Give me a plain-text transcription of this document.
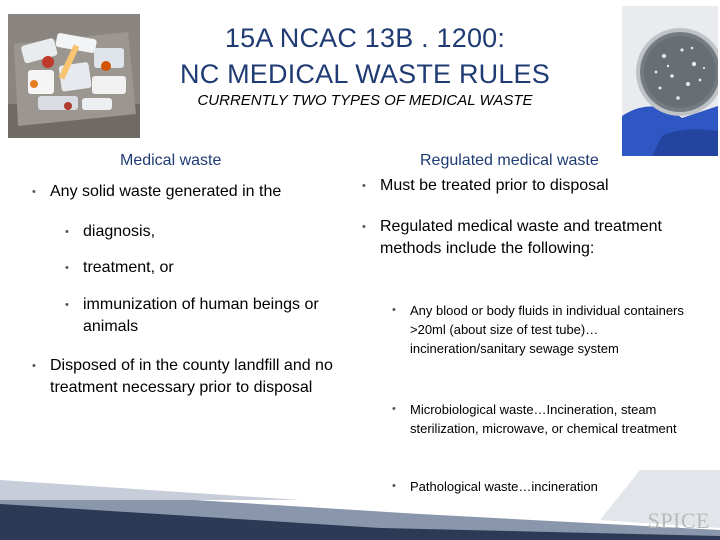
15A NCAC 13B . 1200:
NC MEDICAL WASTE RULES
CURRENTLY TWO TYPES OF MEDICAL WASTE
Medical waste
• Any solid waste generated in the
• diagnosis,
• treatment, or
• immunization of human beings or animals
• Disposed of in the county landfill and no treatment necessary prior to disposal
Regulated medical waste
• Must be treated prior to disposal
• Regulated medical waste and treatment methods include the following:
• Any blood or body fluids in individual containers >20ml (about size of test tube)…incineration/sanitary sewage system
• Microbiological waste…Incineration, steam sterilization, microwave, or chemical treatment
• Pathological waste…incineration
SPICE
